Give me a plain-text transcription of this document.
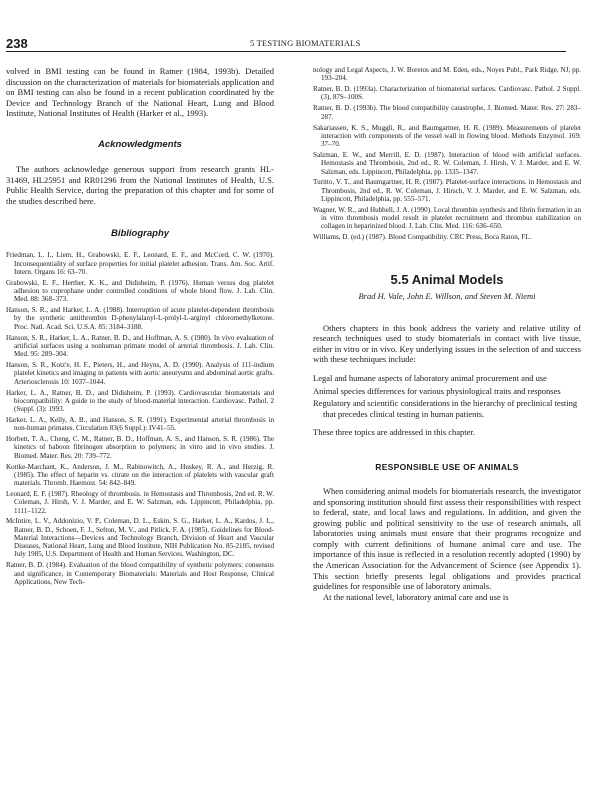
238	5 TESTING BIOMATERIALS

volved in BMI testing can be found in Ratner (1984, 1993b). Detailed discussion on the characterization of materials for biomaterials application and on BMI testing can also be found in a recent publication coordinated by the Device and Technology Branch of the National Heart, Lung and Blood Institute, National Institutes of Health (Harker et al., 1993).

Acknowledgments

The authors acknowledge generous support from research grants HL-31469, HL25951 and RR01296 from the National Institutes of Health, U.S. Public Health Service, during the preparation of this chapter and for some of the studies described here.

Bibliography

Friedman, L. I., Liem, H., Grabowski, E. F., Leonard, E. F., and McCord, C. W. (1970). Inconsequentiality of surface properties for initial platelet adhesion. Trans. Am. Soc. Artif. Intern. Organs 16: 63–70.

Grabowski, E. F., Herther, K. K., and Didisheim, P. (1976). Human versus dog platelet adhesion to cuprophane under controlled conditions of whole blood flow. J. Lab. Clin. Med. 88: 368–373.

Hanson, S. R., and Harker, L. A. (1988). Interruption of acute platelet-dependent thrombosis by the synthetic antithrombin D-phenylalanyl-L-prolyl-L-arginyl chloromethylketone. Proc. Natl. Acad. Sci. U.S.A. 85: 3184–3188.

Hanson, S. R., Harker, L. A., Ratner, B. D., and Hoffman, A. S. (1980). In vivo evaluation of artificial surfaces using a nonhuman primate model of arterial thrombosis. J. Lab. Clin. Med. 95: 289–304.

Hanson, S. R., Kotz'e, H. F., Pieters, H., and Heyns, A. D. (1990). Analysis of 111-indium platelet kinetics and imaging in patients with aortic aneurysms and abdominal aortic grafts. Arteriosclerosis 10: 1037–1044.

Harker, L. A., Ratner, B. D., and Didisheim, P. (1993). Cardiovascular biomaterials and biocompatibility: A guide to the study of blood-material interaction. Cardiovasc. Pathol. 2 (Suppl. (3): 1993.

Harker, L. A., Kelly, A. B., and Hanson, S. R. (1991). Experimental arterial thrombosis in non-human primates. Circulation 83(6 Suppl.): IV41–55.

Horbett, T. A., Cheng, C. M., Ratner, B. D., Hoffman, A. S., and Hanson, S. R. (1986). The kinetics of baboon fibrinogen absorption to polymers; in vitro and in vivo studies. J. Biomed. Mater. Res. 20: 739–772.

Kottke-Marchant, K., Anderson, J. M., Rabinowitch, A., Huskey, R. A., and Herzig, R. (1985). The effect of heparin vs. citrate on the interaction of platelets with vascular graft materials. Thromb. Haemost. 54: 842–849.

Leonard, E. F. (1987). Rheology of thrombosis. in Hemostasis and Thrombosis, 2nd ed. R. W. Coleman, J. Hirsh, V. J. Marder, and E. W. Salzman, eds. Lippincott, Philadelphia, pp. 1111–1122.

McIntire, L. V., Addonizio, V. P., Coleman, D. L., Eskin, S. G., Harker, L. A., Kardos, J. L., Ratner, B. D., Schoen, F. J., Sefton, M. V., and Pitlick, F. A. (1985). Guidelines for Blood-Material Interactions—Devices and Technology Branch, Division of Heart and Vascular Diseases, National Heart, Lung and Blood Institute, NIH Publication No. 85-2185, revised July 1985, U.S. Department of Health and Human Services, Washington, DC.

Ratner, B. D. (1984). Evaluation of the blood compatibility of synthetic polymers: consensus and significance, in Contemporary Biomaterials: Materials and Host Response, Clinical Applications, New Tech-

nology and Legal Aspects, J. W. Boretos and M. Eden, eds., Noyes Publ., Park Ridge, NJ, pp. 193–204.

Ratner, B. D. (1993a). Characterization of biomaterial surfaces. Cardiovasc. Pathol. 2 Suppl. (3), 87S–100S.

Ratner, B. D. (1993b). The blood compatibility catastrophe, J. Biomed. Mater. Res. 27: 283–287.

Sakariassen, K. S., Muggli, R., and Baumgartner, H. R. (1989). Measurements of platelet interaction with components of the vessel wall in flowing blood. Methods Enzymol. 169: 37–70.

Salzman, E. W., and Merrill, E. D. (1987). Interaction of blood with artificial surfaces. Hemostasis and Thrombosis, 2nd ed., R. W. Coleman, J. Hirsh, V. J. Marder, and E. W. Salzman, eds. Lippincott, Philadelphia, pp. 1335–1347.

Turitto, V. T., and Baumgartner, H. R. (1987). Platelet-surface interactions. in Hemostasis and Thrombosis, 2nd ed., R. W. Coleman, J. Hirsch, V. J. Marder, and E. W. Salzman, eds. Lippincott, Philadelphia, pp. 555–571.

Wagner, W. R., and Hubbell, J. A. (1990). Local thrombin synthesis and fibrin formation in an in vitro thrombosis model result in platelet recruitment and thrombus stabilization on collagen in heparinized blood. J. Lab. Clin. Med. 116: 636–650.

Williams, D. (ed.) (1987). Blood Compatibility. CRC Press, Boca Raton, FL.

5.5 Animal Models

Brad H. Vale, John E. Willson, and Steven M. Niemi

Others chapters in this book address the variety and relative utility of research techniques used to study biomaterials in contact with live tissue, either in vitro or in vivo. Key underlying issues in the selection of and success with these techniques include:

Legal and humane aspects of laboratory animal procurement and use

Animal species differences for various physiological traits and responses

Regulatory and scientific considerations in the hierarchy of preclinical testing that precedes clinical testing in human patients.

These three topics are addressed in this chapter.

RESPONSIBLE USE OF ANIMALS

When considering animal models for biomaterials research, the investigator and sponsoring institution should first assess their responsibilities with respect to federal, state, and local laws and regulations. In addition, and given the growing public and political sensitivity to the use of research animals, all laboratories using animals must ensure that their programs recognize and comply with current definitions of humane animal care and use. The importance of this issue is reflected in a resolution recently adopted (1990) by the American Association for the Advancement of Science (see Appendix 1). This section briefly presents legal obligations and provides practical guidelines for responsible use of laboratory animals.

At the national level, laboratory animal care and use is
